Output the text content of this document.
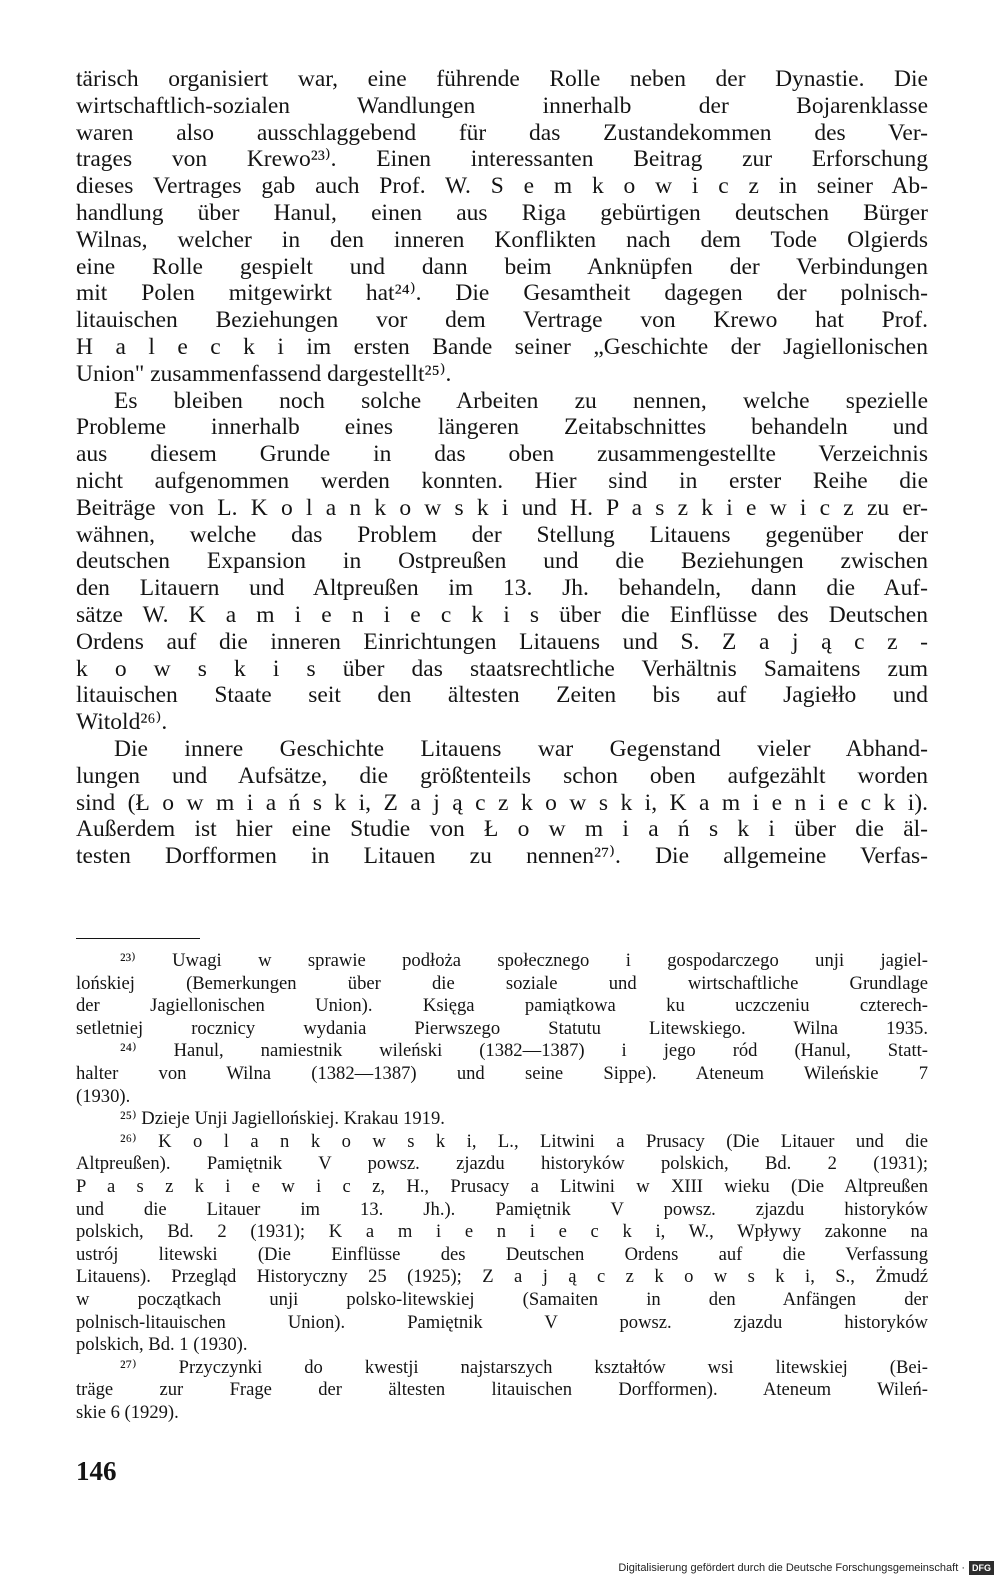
tärisch organisiert war, eine führende Rolle neben der Dynastie. Die
wirtschaftlich-sozialen Wandlungen innerhalb der Bojarenklasse
waren also ausschlaggebend für das Zustandekommen des Ver-
trages von Krewo²³⁾. Einen interessanten Beitrag zur Erforschung
dieses Vertrages gab auch Prof. W. S e m k o w i c z in seiner Ab-
handlung über Hanul, einen aus Riga gebürtigen deutschen Bürger
Wilnas, welcher in den inneren Konflikten nach dem Tode Olgierds
eine Rolle gespielt und dann beim Anknüpfen der Verbindungen
mit Polen mitgewirkt hat²⁴⁾. Die Gesamtheit dagegen der polnisch-
litauischen Beziehungen vor dem Vertrage von Krewo hat Prof.
H a l e c k i im ersten Bande seiner „Geschichte der Jagiellonischen
Union" zusammenfassend dargestellt²⁵⁾.
Es bleiben noch solche Arbeiten zu nennen, welche spezielle
Probleme innerhalb eines längeren Zeitabschnittes behandeln und
aus diesem Grunde in das oben zusammengestellte Verzeichnis
nicht aufgenommen werden konnten. Hier sind in erster Reihe die
Beiträge von L. K o l a n k o w s k i und H. P a s z k i e w i c z zu er-
wähnen, welche das Problem der Stellung Litauens gegenüber der
deutschen Expansion in Ostpreußen und die Beziehungen zwischen
den Litauern und Altpreußen im 13. Jh. behandeln, dann die Auf-
sätze W. K a m i e n i e c k i s über die Einflüsse des Deutschen
Ordens auf die inneren Einrichtungen Litauens und S. Z a j ą c z -
k o w s k i s über das staatsrechtliche Verhältnis Samaitens zum
litauischen Staate seit den ältesten Zeiten bis auf Jagiełło und
Witold²⁶⁾.
Die innere Geschichte Litauens war Gegenstand vieler Abhand-
lungen und Aufsätze, die größtenteils schon oben aufgezählt worden
sind (Ł o w m i a ń s k i, Z a j ą c z k o w s k i, K a m i e n i e c k i).
Außerdem ist hier eine Studie von Ł o w m i a ń s k i über die äl-
testen Dorfformen in Litauen zu nennen²⁷⁾. Die allgemeine Verfas-
²³⁾ Uwagi w sprawie podłoża społecznego i gospodarczego unji jagiel-
lońskiej (Bemerkungen über die soziale und wirtschaftliche Grundlage
der Jagiellonischen Union). Księga pamiątkowa ku uczczeniu czterech-
setletniej rocznicy wydania Pierwszego Statutu Litewskiego. Wilna 1935.
²⁴⁾ Hanul, namiestnik wileński (1382—1387) i jego ród (Hanul, Statt-
halter von Wilna (1382—1387) und seine Sippe). Ateneum Wileńskie 7
(1930).
²⁵⁾ Dzieje Unji Jagiellońskiej. Krakau 1919.
²⁶⁾ K o l a n k o w s k i, L., Litwini a Prusacy (Die Litauer und die
Altpreußen). Pamiętnik V powsz. zjazdu historyków polskich, Bd. 2 (1931);
P a s z k i e w i c z, H., Prusacy a Litwini w XIII wieku (Die Altpreußen
und die Litauer im 13. Jh.). Pamiętnik V powsz. zjazdu historyków
polskich, Bd. 2 (1931); K a m i e n i e c k i, W., Wpływy zakonne na
ustrój litewski (Die Einflüsse des Deutschen Ordens auf die Verfassung
Litauens). Przegląd Historyczny 25 (1925); Z a j ą c z k o w s k i, S., Żmudź
w początkach unji polsko-litewskiej (Samaiten in den Anfängen der
polnisch-litauischen Union). Pamiętnik V powsz. zjazdu historyków
polskich, Bd. 1 (1930).
²⁷⁾ Przyczynki do kwestji najstarszych kształtów wsi litewskiej (Bei-
träge zur Frage der ältesten litauischen Dorfformen). Ateneum Wileń-
skie 6 (1929).
146
Digitalisierung gefördert durch die Deutsche Forschungsgemeinschaft · DFG
